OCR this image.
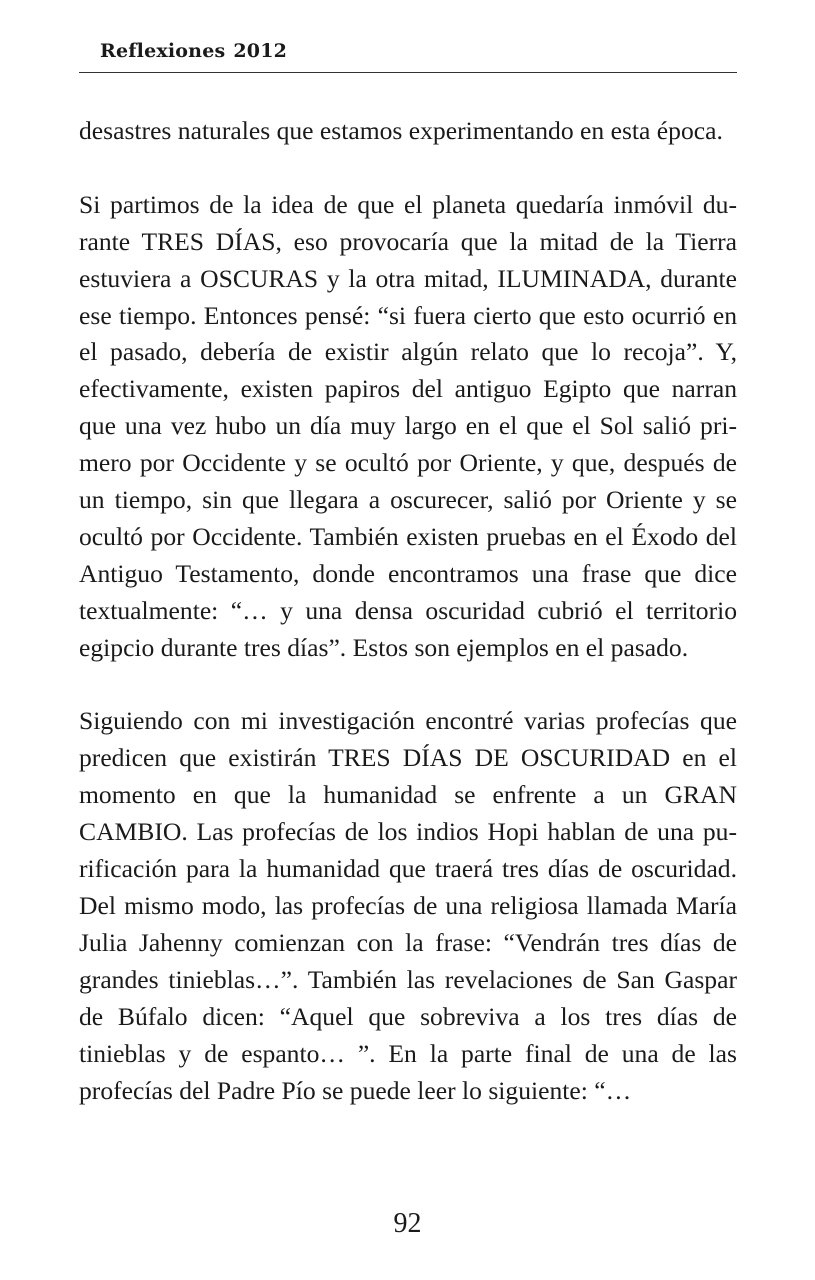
Reflexiones 2012

desastres naturales que estamos experimentando en esta época.

Si partimos de la idea de que el planeta quedaría inmóvil durante TRES DÍAS, eso provocaría que la mitad de la Tierra estuviera a OSCURAS y la otra mitad, ILUMINADA, durante ese tiempo. Entonces pensé: “si fuera cierto que esto ocurrió en el pasado, debería de existir algún relato que lo recoja”. Y, efectivamente, existen papiros del antiguo Egipto que narran que una vez hubo un día muy largo en el que el Sol salió primero por Occidente y se ocultó por Oriente, y que, después de un tiempo, sin que llegara a oscurecer, salió por Oriente y se ocultó por Occidente. También existen pruebas en el Éxodo del Antiguo Testamento, donde encontramos una frase que dice textualmente: “… y una densa oscuridad cubrió el territorio egipcio durante tres días”. Estos son ejemplos en el pasado.

Siguiendo con mi investigación encontré varias profecías que predicen que existirán TRES DÍAS DE OSCURIDAD en el momento en que la humanidad se enfrente a un GRAN CAMBIO. Las profecías de los indios Hopi hablan de una purificación para la humanidad que traerá tres días de oscuridad. Del mismo modo, las profecías de una religiosa llamada María Julia Jahenny comienzan con la frase: “Vendrán tres días de grandes tinieblas…”. También las revelaciones de San Gaspar de Búfalo dicen: “Aquel que sobreviva a los tres días de tinieblas y de espanto… ”. En la parte final de una de las profecías del Padre Pío se puede leer lo siguiente: “…

92
